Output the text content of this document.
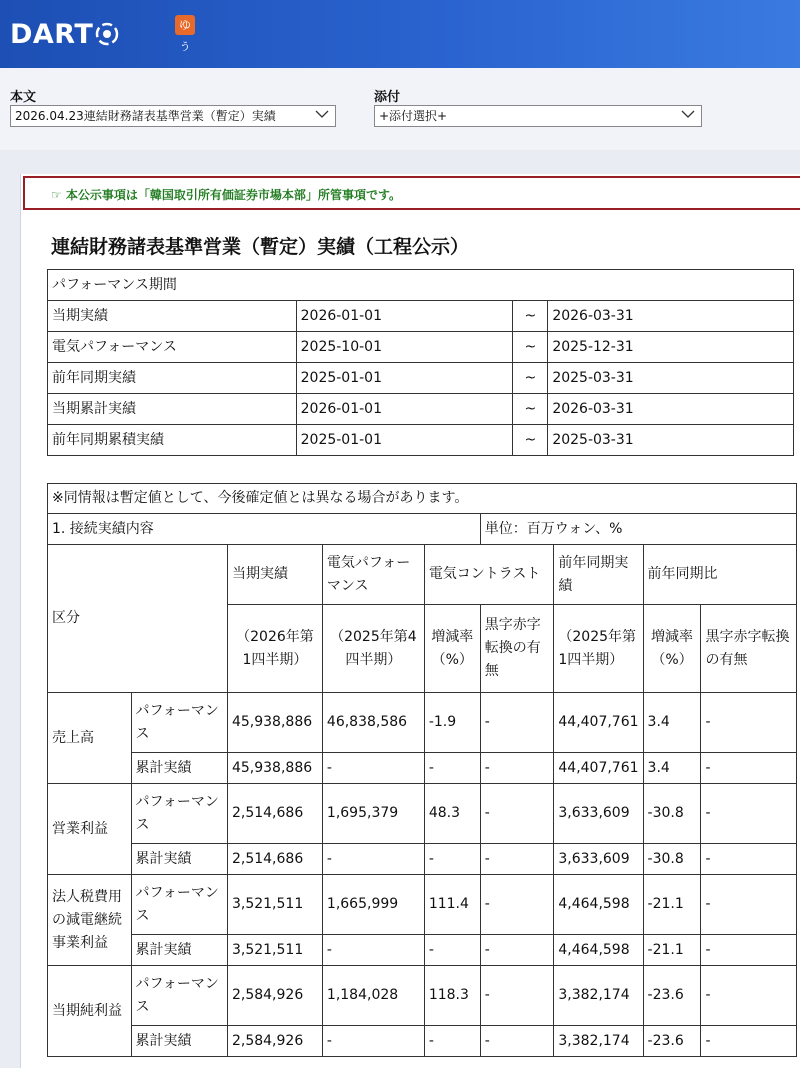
DART	ゆ
う
本文
2026.04.23連結財務諸表基準営業（暫定）実績
添付
+添付選択+
☞ 本公示事項は「韓国取引所有価証券市場本部」所管事項です。
連結財務諸表基準営業（暫定）実績（工程公示）
パフォーマンス期間			
当期実績	2026-01-01	~	2026-03-31
電気パフォーマンス	2025-10-01	~	2025-12-31
前年同期実績	2025-01-01	~	2025-03-31
当期累計実績	2026-01-01	~	2026-03-31
前年同期累積実績	2025-01-01	~	2025-03-31
※同情報は暫定値として、今後確定値とは異なる場合があります。								
1. 接続実績内容					単位：百万ウォン、%			
区分		当期実績	電気パフォーマンス	電気コントラスト		前年同期実績	前年同期比	
		（2026年第1四半期）	（2025年第4四半期）	増減率（%）	黒字赤字転換の有無	（2025年第1四半期）	増減率（%）	黒字赤字転換の有無
売上高	パフォーマンス	45,938,886	46,838,586	-1.9	-	44,407,761	3.4	-
	累計実績	45,938,886	-	-	-	44,407,761	3.4	-
営業利益	パフォーマンス	2,514,686	1,695,379	48.3	-	3,633,609	-30.8	-
	累計実績	2,514,686	-	-	-	3,633,609	-30.8	-
法人税費用の減電継続事業利益	パフォーマンス	3,521,511	1,665,999	111.4	-	4,464,598	-21.1	-
	累計実績	3,521,511	-	-	-	4,464,598	-21.1	-
当期純利益	パフォーマンス	2,584,926	1,184,028	118.3	-	3,382,174	-23.6	-
	累計実績	2,584,926	-	-	-	3,382,174	-23.6	-
